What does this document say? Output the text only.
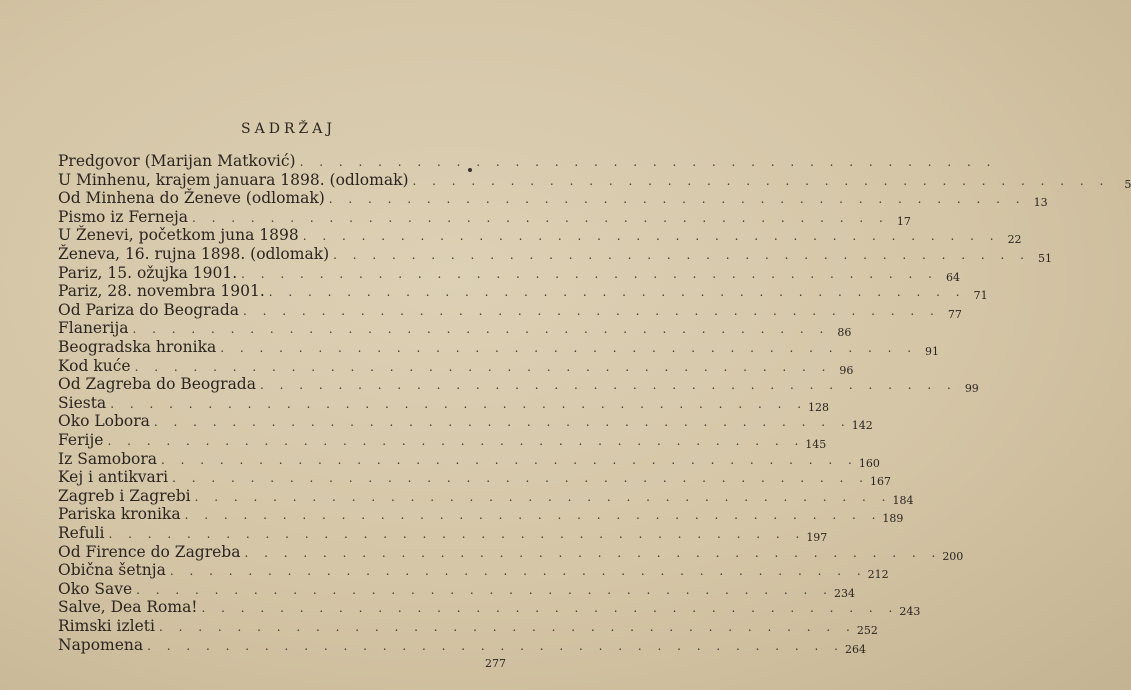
SADRŽAJ
Predgovor (Marijan Matković) . . . . . . . . . . . . . . . . . . . . . . . . . . . . . . . . . . . .
U Minhenu, krajem januara 1898. (odlomak) . . . . . . . . . . . . . . . . . . . . . . . . . . . . . . . . . . . .	5
Od Minhena do Ženeve (odlomak) . . . . . . . . . . . . . . . . . . . . . . . . . . . . . . . . . . . . 13
Pismo iz Ferneja . . . . . . . . . . . . . . . . . . . . . . . . . . . . . . . . . . . . 17
U Ženevi, početkom juna 1898 . . . . . . . . . . . . . . . . . . . . . . . . . . . . . . . . . . . . 22
Ženeva, 16. rujna 1898. (odlomak) . . . . . . . . . . . . . . . . . . . . . . . . . . . . . . . . . . . . 51
Pariz, 15. ožujka 1901. . . . . . . . . . . . . . . . . . . . . . . . . . . . . . . . . . . . . 64
Pariz, 28. novembra 1901. . . . . . . . . . . . . . . . . . . . . . . . . . . . . . . . . . . . . 71
Od Pariza do Beograda . . . . . . . . . . . . . . . . . . . . . . . . . . . . . . . . . . . . 77
Flanerija . . . . . . . . . . . . . . . . . . . . . . . . . . . . . . . . . . . . 86
Beogradska hronika . . . . . . . . . . . . . . . . . . . . . . . . . . . . . . . . . . . . 91
Kod kuće . . . . . . . . . . . . . . . . . . . . . . . . . . . . . . . . . . . . 96
Od Zagreba do Beograda . . . . . . . . . . . . . . . . . . . . . . . . . . . . . . . . . . . . 99
Siesta . . . . . . . . . . . . . . . . . . . . . . . . . . . . . . . . . . . . 128
Oko Lobora . . . . . . . . . . . . . . . . . . . . . . . . . . . . . . . . . . . . 142
Ferije . . . . . . . . . . . . . . . . . . . . . . . . . . . . . . . . . . . . 145
Iz Samobora . . . . . . . . . . . . . . . . . . . . . . . . . . . . . . . . . . . . 160
Kej i antikvari . . . . . . . . . . . . . . . . . . . . . . . . . . . . . . . . . . . . 167
Zagreb i Zagrebi . . . . . . . . . . . . . . . . . . . . . . . . . . . . . . . . . . . . 184
Pariska kronika . . . . . . . . . . . . . . . . . . . . . . . . . . . . . . . . . . . . 189
Refuli . . . . . . . . . . . . . . . . . . . . . . . . . . . . . . . . . . . . 197
Od Firence do Zagreba . . . . . . . . . . . . . . . . . . . . . . . . . . . . . . . . . . . . 200
Obična šetnja . . . . . . . . . . . . . . . . . . . . . . . . . . . . . . . . . . . . 212
Oko Save . . . . . . . . . . . . . . . . . . . . . . . . . . . . . . . . . . . . 234
Salve, Dea Roma! . . . . . . . . . . . . . . . . . . . . . . . . . . . . . . . . . . . . 243
Rimski izleti . . . . . . . . . . . . . . . . . . . . . . . . . . . . . . . . . . . . 252
Napomena . . . . . . . . . . . . . . . . . . . . . . . . . . . . . . . . . . . . 264
277
